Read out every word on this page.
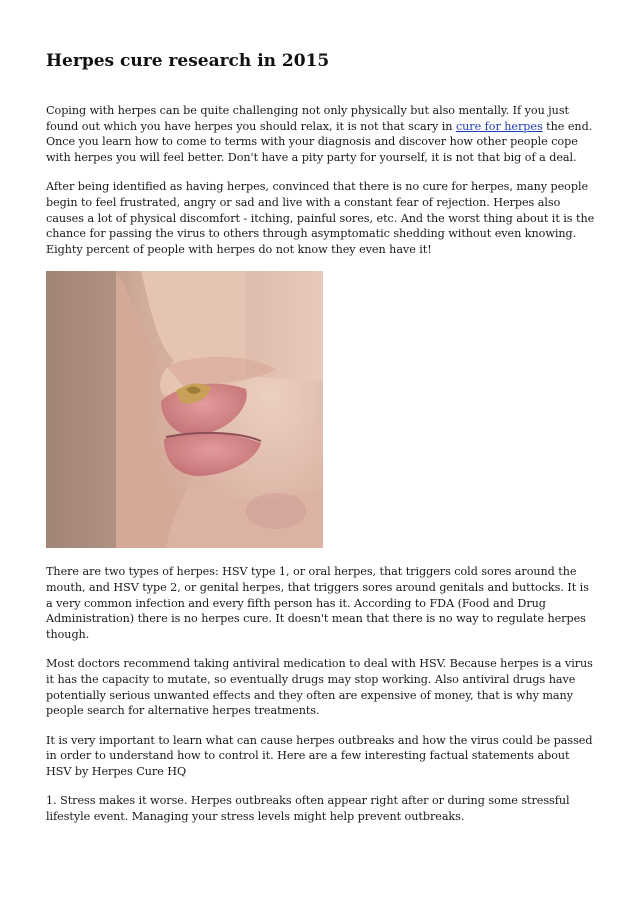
Herpes cure research in 2015

Coping with herpes can be quite challenging not only physically but also mentally. If you just found out which you have herpes you should relax, it is not that scary in cure for herpes the end. Once you learn how to come to terms with your diagnosis and discover how other people cope with herpes you will feel better. Don't have a pity party for yourself, it is not that big of a deal.

After being identified as having herpes, convinced that there is no cure for herpes, many people begin to feel frustrated, angry or sad and live with a constant fear of rejection. Herpes also causes a lot of physical discomfort - itching, painful sores, etc. And the worst thing about it is the chance for passing the virus to others through asymptomatic shedding without even knowing. Eighty percent of people with herpes do not know they even have it!

There are two types of herpes: HSV type 1, or oral herpes, that triggers cold sores around the mouth, and HSV type 2, or genital herpes, that triggers sores around genitals and buttocks. It is a very common infection and every fifth person has it. According to FDA (Food and Drug Administration) there is no herpes cure. It doesn't mean that there is no way to regulate herpes though.

Most doctors recommend taking antiviral medication to deal with HSV. Because herpes is a virus it has the capacity to mutate, so eventually drugs may stop working. Also antiviral drugs have potentially serious unwanted effects and they often are expensive of money, that is why many people search for alternative herpes treatments.

It is very important to learn what can cause herpes outbreaks and how the virus could be passed in order to understand how to control it. Here are a few interesting factual statements about HSV by Herpes Cure HQ

1. Stress makes it worse. Herpes outbreaks often appear right after or during some stressful lifestyle event. Managing your stress levels might help prevent outbreaks.
